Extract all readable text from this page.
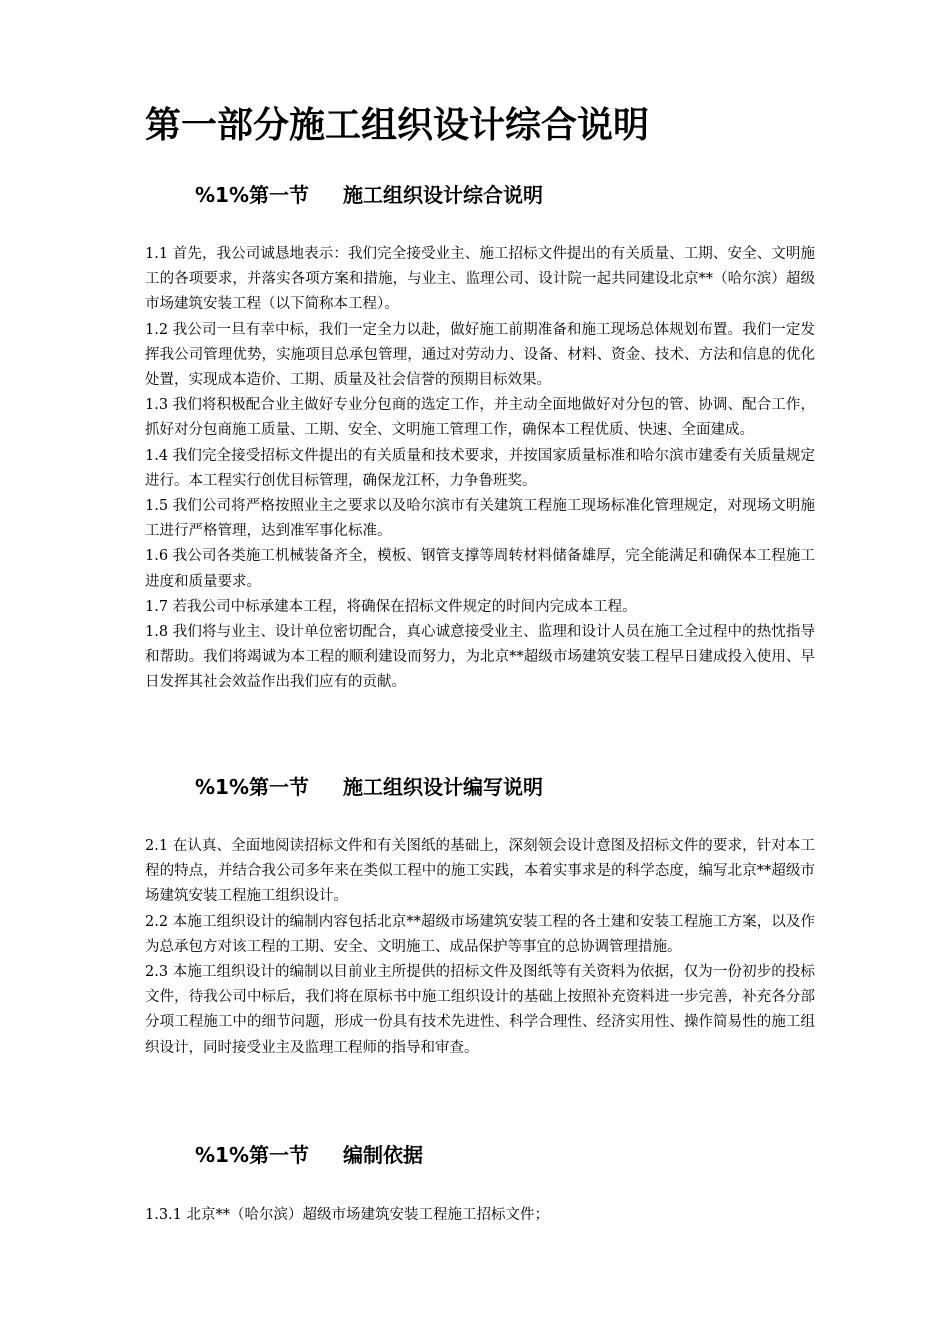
第一部分施工组织设计综合说明
%1%第一节 施工组织设计综合说明

1.1 首先，我公司诚恳地表示：我们完全接受业主、施工招标文件提出的有关质量、工期、安全、文明施工的各项要求，并落实各项方案和措施，与业主、监理公司、设计院一起共同建设北京**（哈尔滨）超级市场建筑安装工程（以下简称本工程）。

1.2 我公司一旦有幸中标，我们一定全力以赴，做好施工前期准备和施工现场总体规划布置。我们一定发挥我公司管理优势，实施项目总承包管理，通过对劳动力、设备、材料、资金、技术、方法和信息的优化处置，实现成本造价、工期、质量及社会信誉的预期目标效果。

1.3 我们将积极配合业主做好专业分包商的选定工作，并主动全面地做好对分包的管、协调、配合工作，抓好对分包商施工质量、工期、安全、文明施工管理工作，确保本工程优质、快速、全面建成。

1.4 我们完全接受招标文件提出的有关质量和技术要求，并按国家质量标准和哈尔滨市建委有关质量规定进行。本工程实行创优目标管理，确保龙江杯，力争鲁班奖。

1.5 我们公司将严格按照业主之要求以及哈尔滨市有关建筑工程施工现场标准化管理规定，对现场文明施工进行严格管理，达到准军事化标准。

1.6 我公司各类施工机械装备齐全，模板、钢管支撑等周转材料储备雄厚，完全能满足和确保本工程施工进度和质量要求。

1.7 若我公司中标承建本工程，将确保在招标文件规定的时间内完成本工程。

1.8 我们将与业主、设计单位密切配合，真心诚意接受业主、监理和设计人员在施工全过程中的热忱指导和帮助。我们将竭诚为本工程的顺利建设而努力，为北京**超级市场建筑安装工程早日建成投入使用、早日发挥其社会效益作出我们应有的贡献。

%1%第一节 施工组织设计编写说明

2.1 在认真、全面地阅读招标文件和有关图纸的基础上，深刻领会设计意图及招标文件的要求，针对本工程的特点，并结合我公司多年来在类似工程中的施工实践，本着实事求是的科学态度，编写北京**超级市场建筑安装工程施工组织设计。

2.2 本施工组织设计的编制内容包括北京**超级市场建筑安装工程的各土建和安装工程施工方案，以及作为总承包方对该工程的工期、安全、文明施工、成品保护等事宜的总协调管理措施。

2.3 本施工组织设计的编制以目前业主所提供的招标文件及图纸等有关资料为依据，仅为一份初步的投标文件，待我公司中标后，我们将在原标书中施工组织设计的基础上按照补充资料进一步完善，补充各分部分项工程施工中的细节问题，形成一份具有技术先进性、科学合理性、经济实用性、操作简易性的施工组织设计，同时接受业主及监理工程师的指导和审查。

%1%第一节 编制依据

1.3.1 北京**（哈尔滨）超级市场建筑安装工程施工招标文件；
